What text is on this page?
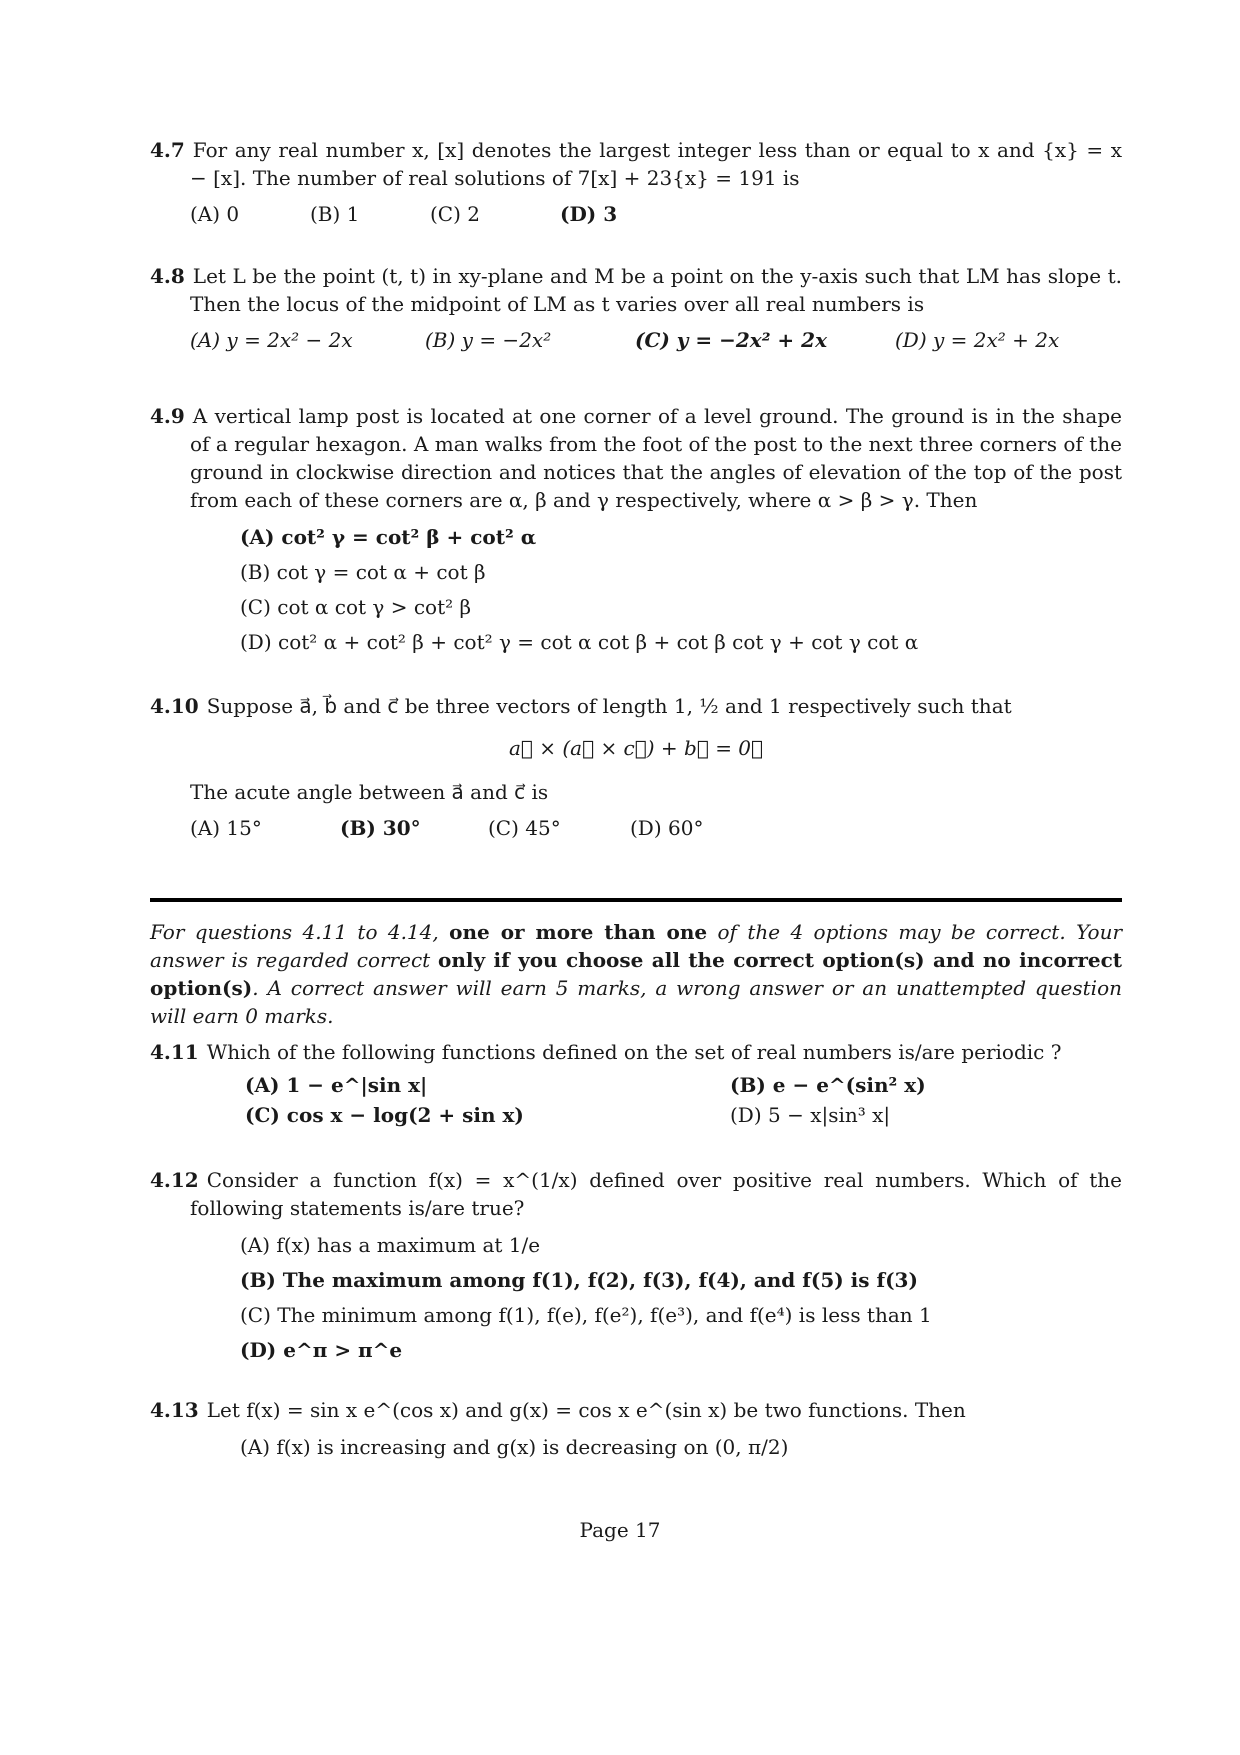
4.7 For any real number x, [x] denotes the largest integer less than or equal to x and {x} = x − [x]. The number of real solutions of 7[x] + 23{x} = 191 is
(A) 0	(B) 1	(C) 2	(D) 3
4.8 Let L be the point (t, t) in xy-plane and M be a point on the y-axis such that LM has slope t. Then the locus of the midpoint of LM as t varies over all real numbers is
(A) y = 2x² − 2x	(B) y = −2x²	(C) y = −2x² + 2x	(D) y = 2x² + 2x
4.9 A vertical lamp post is located at one corner of a level ground. The ground is in the shape of a regular hexagon. A man walks from the foot of the post to the next three corners of the ground in clockwise direction and notices that the angles of elevation of the top of the post from each of these corners are α, β and γ respectively, where α > β > γ. Then
(A) cot² γ = cot² β + cot² α
(B) cot γ = cot α + cot β
(C) cot α cot γ > cot² β
(D) cot² α + cot² β + cot² γ = cot α cot β + cot β cot γ + cot γ cot α
4.10 Suppose a⃗, b⃗ and c⃗ be three vectors of length 1, ½ and 1 respectively such that
a⃗ × (a⃗ × c⃗) + b⃗ = 0⃗
The acute angle between a⃗ and c⃗ is
(A) 15°	(B) 30°	(C) 45°	(D) 60°
For questions 4.11 to 4.14, one or more than one of the 4 options may be correct. Your answer is regarded correct only if you choose all the correct option(s) and no incorrect option(s). A correct answer will earn 5 marks, a wrong answer or an unattempted question will earn 0 marks.
4.11 Which of the following functions defined on the set of real numbers is/are periodic ?
(A) 1 − e^|sin x|	(B) e − e^(sin² x)
(C) cos x − log(2 + sin x)	(D) 5 − x|sin³ x|
4.12 Consider a function f(x) = x^(1/x) defined over positive real numbers. Which of the following statements is/are true?
(A) f(x) has a maximum at 1/e
(B) The maximum among f(1), f(2), f(3), f(4), and f(5) is f(3)
(C) The minimum among f(1), f(e), f(e²), f(e³), and f(e⁴) is less than 1
(D) e^π > π^e
4.13 Let f(x) = sin x e^(cos x) and g(x) = cos x e^(sin x) be two functions. Then
(A) f(x) is increasing and g(x) is decreasing on (0, π/2)
Page 17
